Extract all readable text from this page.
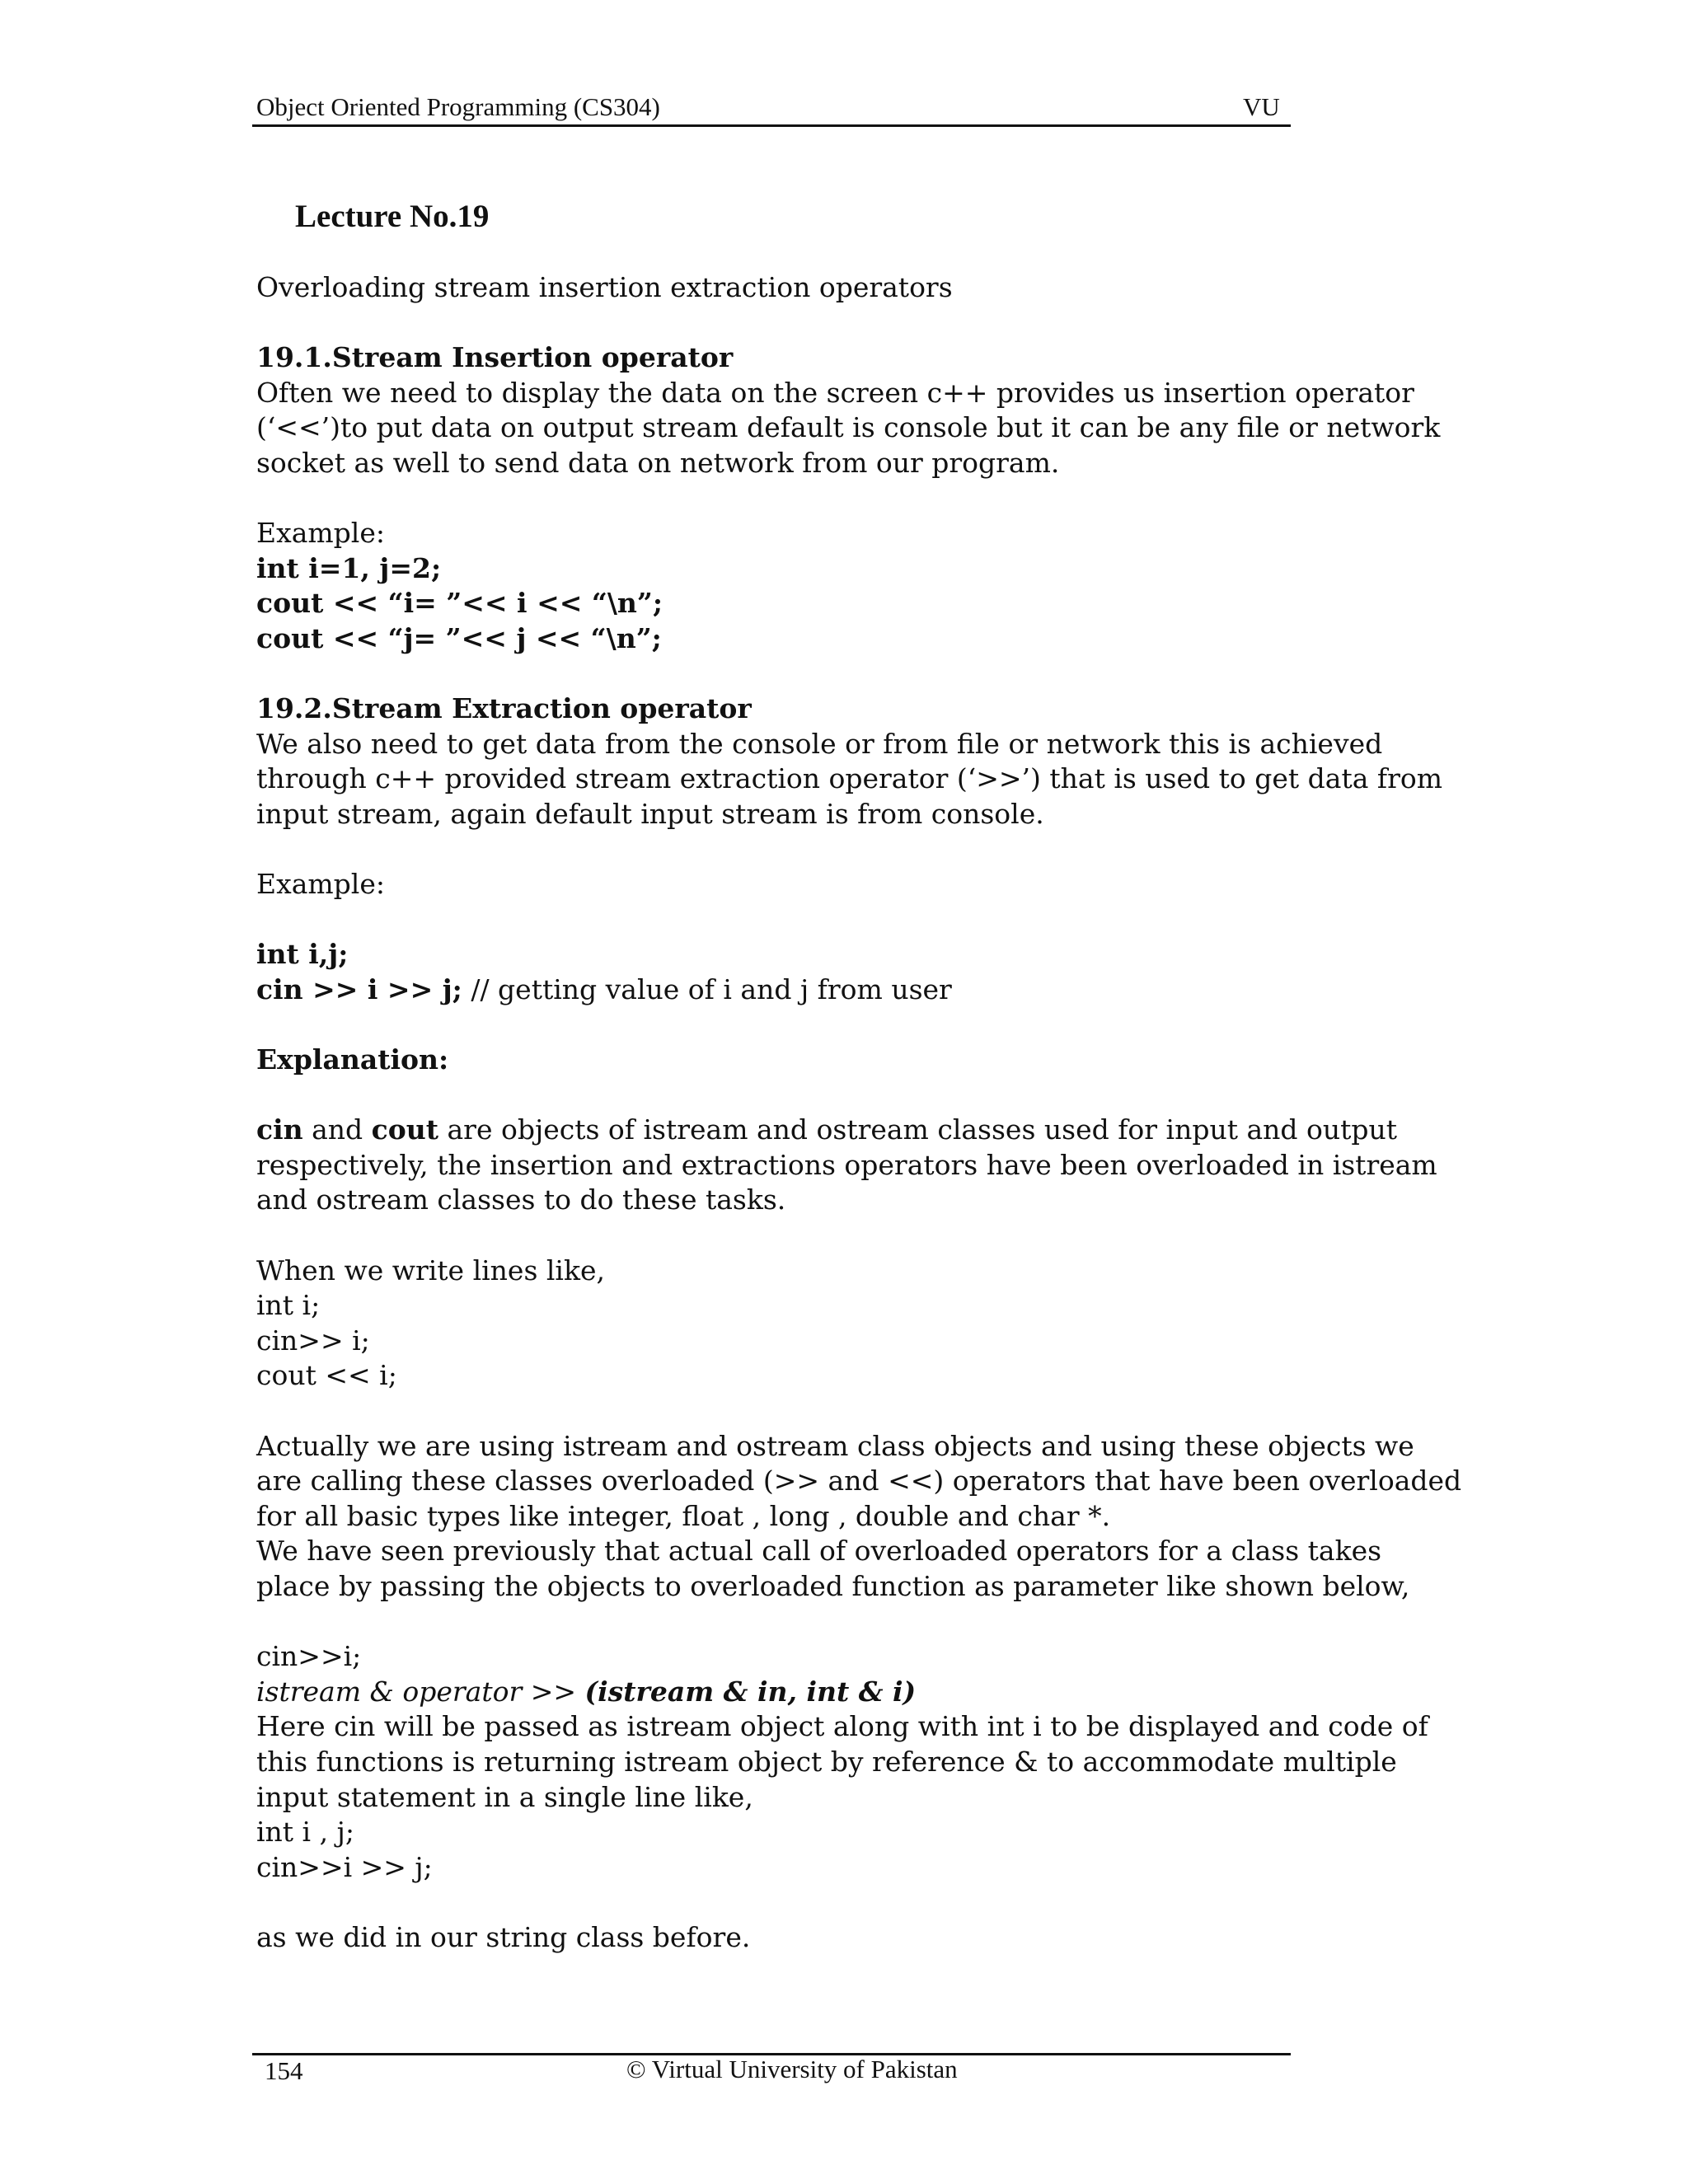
Object Oriented Programming (CS304)	VU
Lecture No.19

Overloading stream insertion extraction operators

19.1.Stream Insertion operator

Often we need to display the data on the screen c++ provides us insertion operator

(‘<<’)to put data on output stream default is console but it can be any file or network

socket as well to send data on network from our program.

Example:

int i=1, j=2;

cout << “i= ”<< i << “\n”;

cout << “j= ”<< j << “\n”;

19.2.Stream Extraction operator

We also need to get data from the console or from file or network this is achieved

through c++ provided stream extraction operator (‘>>’) that is used to get data from

input stream, again default input stream is from console.

Example:

int i,j;

cin >> i >> j; // getting value of i and j from user

Explanation:

cin and cout are objects of istream and ostream classes used for input and output

respectively, the insertion and extractions operators have been overloaded in istream

and ostream classes to do these tasks.

When we write lines like,

int i;

cin>> i;

cout << i;

Actually we are using istream and ostream class objects and using these objects we

are calling these classes overloaded (>> and <<) operators that have been overloaded

for all basic types like integer, float , long , double and char *.

We have seen previously that actual call of overloaded operators for a class takes

place by passing the objects to overloaded function as parameter like shown below,

cin>>i;

istream & operator >> (istream & in, int & i)

Here cin will be passed as istream object along with int i to be displayed and code of

this functions is returning istream object by reference & to accommodate multiple

input statement in a single line like,

int i , j;

cin>>i >> j;

as we did in our string class before.

154	© Virtual University of Pakistan
